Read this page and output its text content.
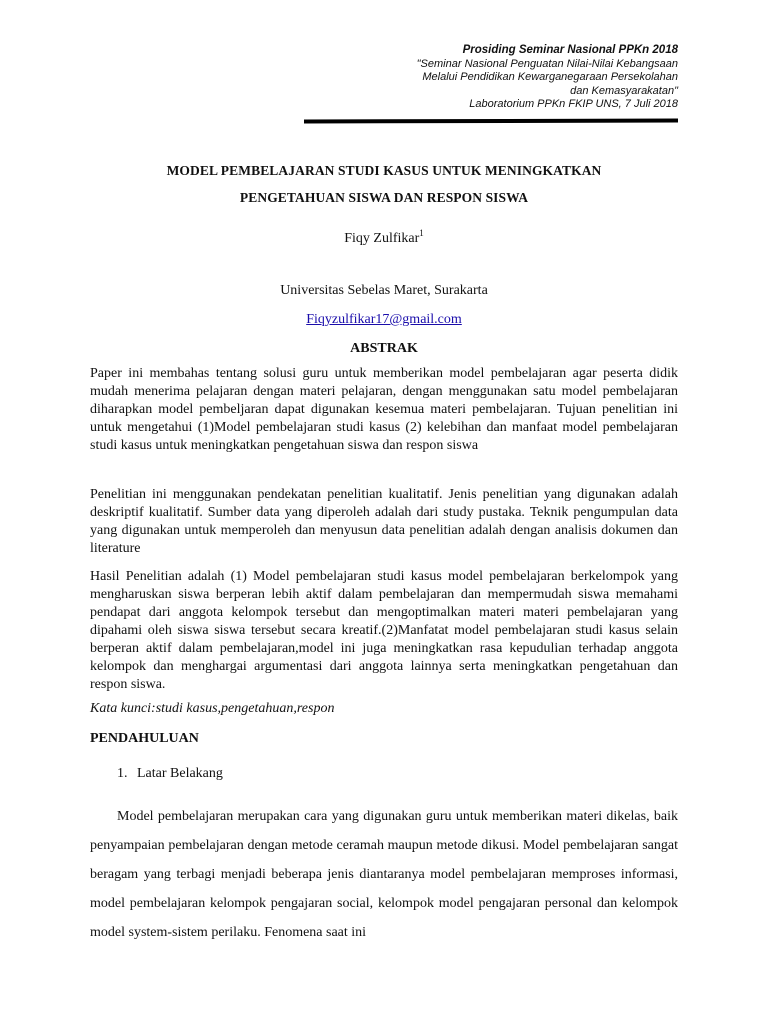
Prosiding Seminar Nasional PPKn 2018
"Seminar Nasional Penguatan Nilai-Nilai Kebangsaan
Melalui Pendidikan Kewarganegaraan Persekolahan
dan Kemasyarakatan"
Laboratorium PPKn FKIP UNS, 7 Juli 2018
MODEL PEMBELAJARAN STUDI KASUS UNTUK MENINGKATKAN
PENGETAHUAN SISWA DAN RESPON SISWA
Fiqy Zulfikar$^1$
Universitas Sebelas Maret, Surakarta
Fiqyzulfikar17@gmail.com
ABSTRAK
Paper ini membahas tentang solusi guru untuk memberikan model pembelajaran agar peserta didik mudah menerima pelajaran dengan materi pelajaran, dengan menggunakan satu model pembelajaran diharapkan model pembeljaran dapat digunakan kesemua materi pembelajaran. Tujuan penelitian ini untuk mengetahui (1)Model pembelajaran studi kasus (2) kelebihan dan manfaat model pembelajaran studi kasus untuk meningkatkan pengetahuan siswa dan respon siswa
Penelitian ini menggunakan pendekatan penelitian kualitatif. Jenis penelitian yang digunakan adalah deskriptif kualitatif. Sumber data yang diperoleh adalah dari study pustaka. Teknik pengumpulan data yang digunakan untuk memperoleh dan menyusun data penelitian adalah dengan analisis dokumen dan literature
Hasil Penelitian adalah (1) Model pembelajaran studi kasus model pembelajaran berkelompok yang mengharuskan siswa berperan lebih aktif dalam pembelajaran dan mempermudah siswa memahami pendapat dari anggota kelompok tersebut dan mengoptimalkan materi materi pembelajaran yang dipahami oleh siswa siswa tersebut secara kreatif.(2)Manfatat model pembelajaran studi kasus selain berperan aktif dalam pembelajaran,model ini juga meningkatkan rasa kepudulian terhadap anggota kelompok dan menghargai argumentasi dari anggota lainnya serta meningkatkan pengetahuan dan respon siswa.
Kata kunci:studi kasus,pengetahuan,respon
PENDAHULUAN
1. Latar Belakang
Model pembelajaran merupakan cara yang digunakan guru untuk memberikan materi dikelas, baik penyampaian pembelajaran dengan metode ceramah maupun metode dikusi. Model pembelajaran sangat beragam yang terbagi menjadi beberapa jenis diantaranya model pembelajaran memproses informasi, model pembelajaran kelompok pengajaran social, kelompok model pengajaran personal dan kelompok model system-sistem perilaku. Fenomena saat ini
